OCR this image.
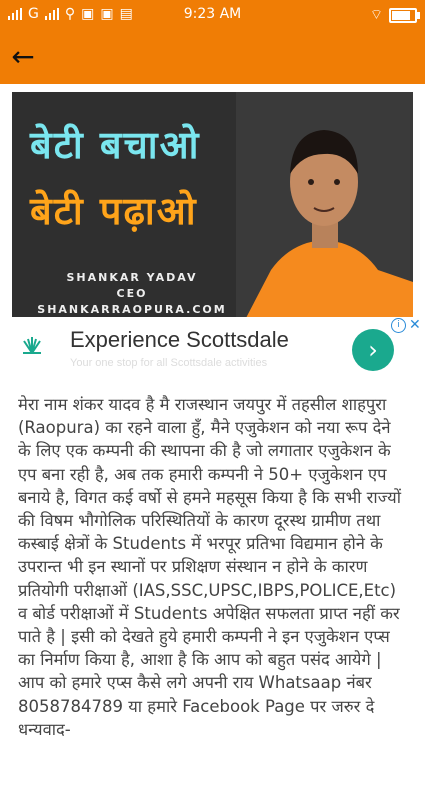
G ⚲ ▣ ▣ ▤	9:23 AM	⌔
←
बेटी बचाओ
बेटी पढ़ाओ
SHANKAR YADAV
CEO
SHANKARRAOPURA.COM
Experience Scottsdale
Your one stop for all Scottsdale activities	›
i ✕
मेरा नाम शंकर यादव है मै राजस्थान जयपुर में तहसील शाहपुरा (Raopura) का रहने वाला हुँ, मैने एजुकेशन को नया रूप देने के लिए एक कम्पनी की स्थापना की है जो लगातार एजुकेशन के एप बना रही है, अब तक हमारी कम्पनी ने 50+ एजुकेशन एप बनाये है, विगत कई वर्षो से हमने महसूस किया है कि सभी राज्यों की विषम भौगोलिक परिस्थितियों के कारण दूरस्थ ग्रामीण तथा कस्बाई क्षेत्रों के Students में भरपूर प्रतिभा विद्यमान होने के उपरान्त भी इन स्थानों पर प्रशिक्षण संस्थान न होने के कारण प्रतियोगी परीक्षाओं (IAS,SSC,UPSC,IBPS,POLICE,Etc) व बोर्ड परीक्षाओं में Students अपेक्षित सफलता प्राप्त नहीं कर पाते है | इसी को देखते हुये हमारी कम्पनी ने इन एजुकेशन एप्स का निर्माण किया है, आशा है कि आप को बहुत पसंद आयेगे | आप को हमारे एप्स कैसे लगे अपनी राय Whatsaap नंबर 8058784789 या हमारे Facebook Page पर जरुर दे धन्यवाद-
